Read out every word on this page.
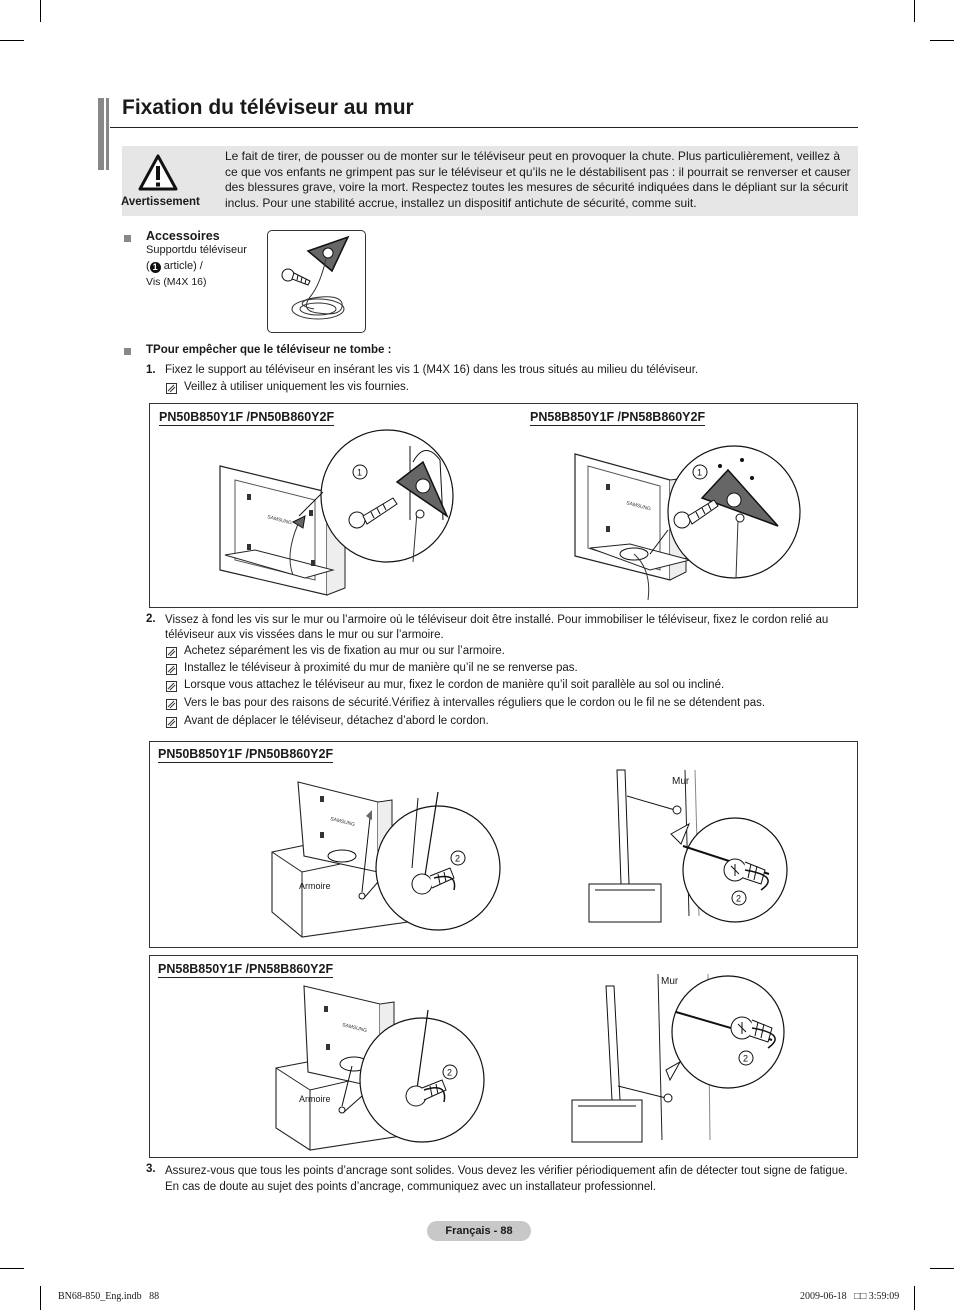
Fixation du téléviseur au mur
Avertissement
Le fait de tirer, de pousser ou de monter sur le téléviseur peut en provoquer la chute. Plus particulièrement, veillez à ce que vos enfants ne grimpent pas sur le téléviseur et qu’ils ne le déstabilisent pas : il pourrait se renverser et causer des blessures grave, voire la mort. Respectez toutes les mesures de sécurité indiquées dans le dépliant sur la sécurit inclus. Pour une stabilité accrue, installez un dispositif antichute de sécurité, comme suit.
Accessoires
Supportdu téléviseur
( 1 article) /
Vis (M4X 16)
TPour empêcher que le téléviseur ne tombe :
1. Fixez le support au téléviseur en insérant les vis 1 (M4X 16) dans les trous situés au milieu du téléviseur.
Veillez à utiliser uniquement les vis fournies.
PN50B850Y1F /PN50B860Y2F	PN58B850Y1F /PN58B860Y2F
SAMSUNG
1
SAMSUNG
1
2. Vissez à fond les vis sur le mur ou l’armoire où le téléviseur doit être installé. Pour immobiliser le téléviseur, fixez le cordon relié au téléviseur aux vis vissées dans le mur ou sur l’armoire.
Achetez séparément les vis de fixation au mur ou sur l’armoire.
Installez le téléviseur à proximité du mur de manière qu’il ne se renverse pas.
Lorsque vous attachez le téléviseur au mur, fixez le cordon de manière qu’il soit parallèle au sol ou incliné.
Vers le bas pour des raisons de sécurité.Vérifiez à intervalles réguliers que le cordon ou le fil ne se détendent pas.
Avant de déplacer le téléviseur, détachez d’abord le cordon.
PN50B850Y1F /PN50B860Y2F
SAMSUNG
2
Armoire
Mur
2
PN58B850Y1F /PN58B860Y2F
SAMSUNG
2
Armoire
Mur
2
3. Assurez-vous que tous les points d’ancrage sont solides. Vous devez les vérifier périodiquement afin de détecter tout signe de fatigue. En cas de doute au sujet des points d’ancrage, communiquez avec un installateur professionnel.
Français - 88
BN68-850_Eng.indb   88	2009-06-18   □□ 3:59:09
